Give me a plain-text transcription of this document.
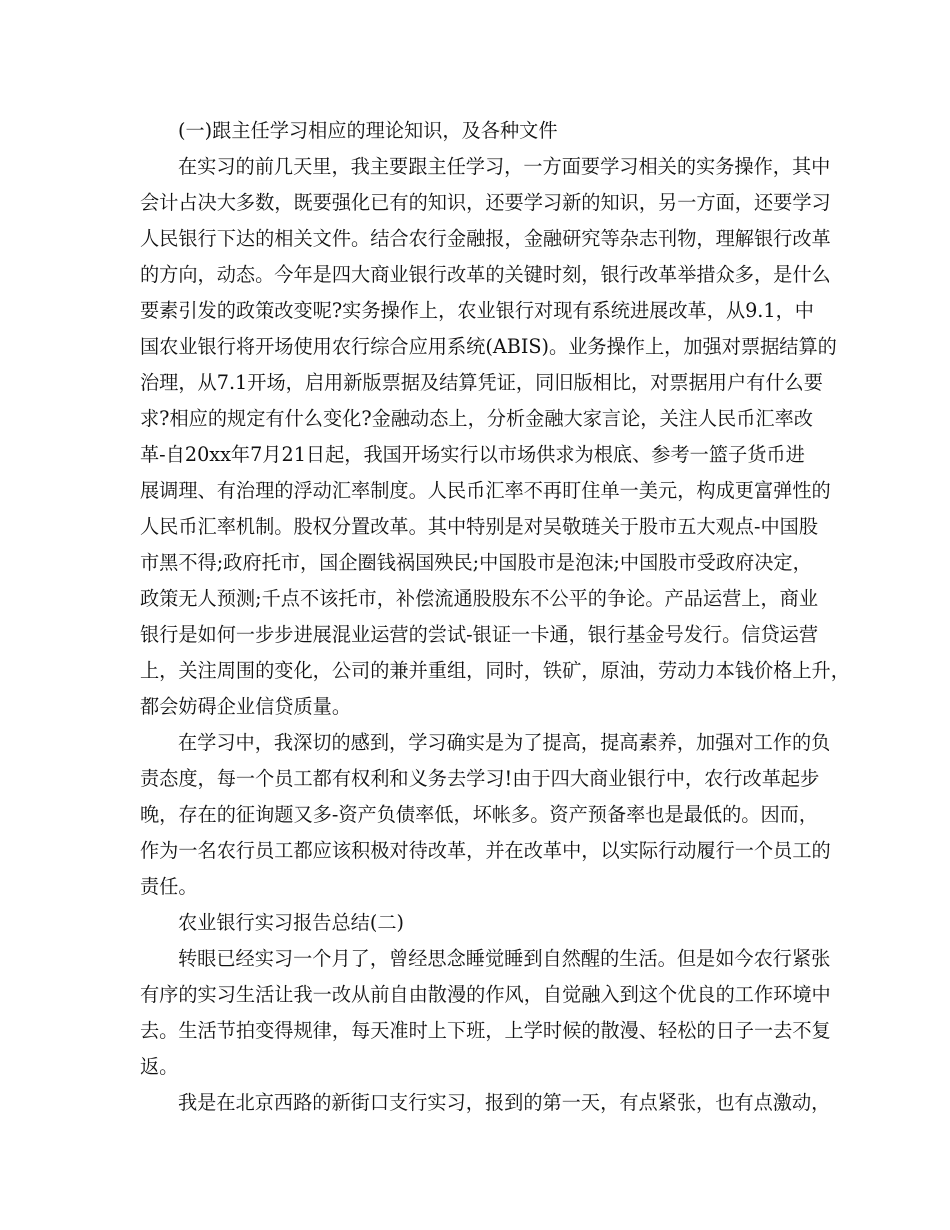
(一)跟主任学习相应的理论知识，及各种文件
在实习的前几天里，我主要跟主任学习，一方面要学习相关的实务操作，其中
会计占决大多数，既要强化已有的知识，还要学习新的知识，另一方面，还要学习
人民银行下达的相关文件。结合农行金融报，金融研究等杂志刊物，理解银行改革
的方向，动态。今年是四大商业银行改革的关键时刻，银行改革举措众多，是什么
要素引发的政策改变呢?实务操作上，农业银行对现有系统进展改革，从9.1，中
国农业银行将开场使用农行综合应用系统(ABIS)。业务操作上，加强对票据结算的
治理，从7.1开场，启用新版票据及结算凭证，同旧版相比，对票据用户有什么要
求?相应的规定有什么变化?金融动态上，分析金融大家言论，关注人民币汇率改
革-自20xx年7月21日起，我国开场实行以市场供求为根底、参考一篮子货币进
展调理、有治理的浮动汇率制度。人民币汇率不再盯住单一美元，构成更富弹性的
人民币汇率机制。股权分置改革。其中特别是对吴敬琏关于股市五大观点-中国股
市黑不得;政府托市，国企圈钱祸国殃民;中国股市是泡沫;中国股市受政府决定，
政策无人预测;千点不该托市，补偿流通股股东不公平的争论。产品运营上，商业
银行是如何一步步进展混业运营的尝试-银证一卡通，银行基金号发行。信贷运营
上，关注周围的变化，公司的兼并重组，同时，铁矿，原油，劳动力本钱价格上升，
都会妨碍企业信贷质量。
在学习中，我深切的感到，学习确实是为了提高，提高素养，加强对工作的负
责态度，每一个员工都有权利和义务去学习!由于四大商业银行中，农行改革起步
晚，存在的征询题又多-资产负债率低，坏帐多。资产预备率也是最低的。因而，
作为一名农行员工都应该积极对待改革，并在改革中，以实际行动履行一个员工的
责任。
农业银行实习报告总结(二)
转眼已经实习一个月了，曾经思念睡觉睡到自然醒的生活。但是如今农行紧张
有序的实习生活让我一改从前自由散漫的作风，自觉融入到这个优良的工作环境中
去。生活节拍变得规律，每天准时上下班，上学时候的散漫、轻松的日子一去不复
返。
我是在北京西路的新街口支行实习，报到的第一天，有点紧张，也有点激动，
